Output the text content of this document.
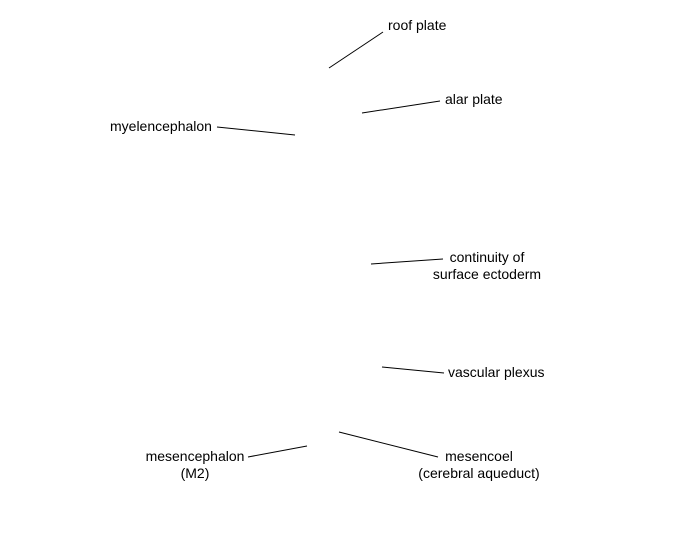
roof plate
alar plate
myelencephalon
continuity of
surface ectoderm
vascular plexus
mesencephalon
(M2)
mesencoel
(cerebral aqueduct)
